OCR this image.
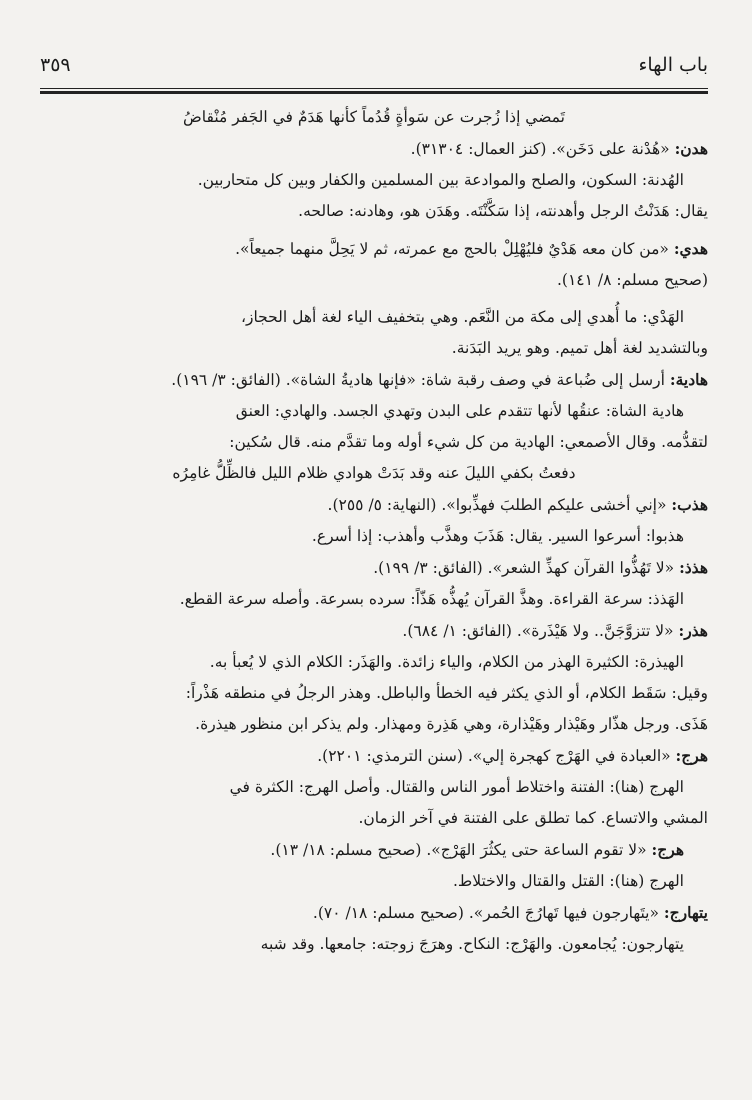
باب الهاء
٣٥٩

تَمضي إذا زُجرت عن سَوأةٍ قُدُماً كأنها هَدَمٌ في الجَفر مُنْقاضُ

هدن: «هُدْنة على دَخَن». (كنز العمال: ٣١٣٠٤).

الهُدنة: السكون، والصلح والموادعة بين المسلمين والكفار وبين كل متحاربين.

يقال: هَدَنْتُ الرجل وأهدنته، إذا سَكَّنْتَه. وهَدَن هو، وهادنه: صالحه.

هدي: «من كان معه هَدْيٌ فليُهْلِلْ بالحج مع عمرته، ثم لا يَحِلَّ منهما جميعاً».

(صحيح مسلم: ٨/ ١٤١).

الهَدْي: ما أُهدي إلى مكة من النَّعَم. وهي بتخفيف الياء لغة أهل الحجاز،

وبالتشديد لغة أهل تميم. وهو يريد البَدَنة.

هادية: أرسل إلى ضُباعة في وصف رقبة شاة: «فإنها هاديةُ الشاة». (الفائق: ٣/ ١٩٦).

هادية الشاة: عنقُها لأنها تتقدم على البدن وتهدي الجسد. والهادي: العنق

لتقدُّمه. وقال الأصمعي: الهادية من كل شيء أوله وما تقدَّم منه. قال سُكين:

دفعتُ بكفي الليلَ عنه وقد بَدَتْ هوادي ظلام الليل فالظِّلُّ غامِرُه

هذب: «إني أخشى عليكم الطلبَ فهذِّبوا». (النهاية: ٥/ ٢٥٥).

هذبوا: أسرعوا السير. يقال: هَذَبَ وهذَّب وأهذب: إذا أسرع.

هذذ: «لا تَهُذُّوا القرآن كهذِّ الشعر». (الفائق: ٣/ ١٩٩).

الهَذذ: سرعة القراءة. وهذَّ القرآن يُهذُّه هَذّاً: سرده بسرعة. وأصله سرعة القطع.

هذر: «لا تتزوَّجَنَّ.. ولا هَيْذَرة». (الفائق: ١/ ٦٨٤).

الهيذرة: الكثيرة الهذر من الكلام، والياء زائدة. والهَذَر: الكلام الذي لا يُعبأ به.

وقيل: سَقَط الكلام، أو الذي يكثر فيه الخطأ والباطل. وهذر الرجلُ في منطقه هَذْراً:

هَذَى. ورجل هذّار وهَيْذار وهَيْذارة، وهي هَذِرة ومهذار. ولم يذكر ابن منظور هيذرة.

هرج: «العبادة في الهَرْج كهجرة إلي». (سنن الترمذي: ٢٢٠١).

الهرج (هنا): الفتنة واختلاط أمور الناس والقتال. وأصل الهرج: الكثرة في

المشي والاتساع. كما تطلق على الفتنة في آخر الزمان.

هرج: «لا تقوم الساعة حتى يكثُرَ الهَرْج». (صحيح مسلم: ١٨/ ١٣).

الهرج (هنا): القتل والقتال والاختلاط.

يتهارج: «يتَهارجون فيها تَهارُجَ الحُمر». (صحيح مسلم: ١٨/ ٧٠).

يتهارجون: يُجامعون. والهَرْج: النكاح. وهرَجَ زوجته: جامعها. وقد شبه
